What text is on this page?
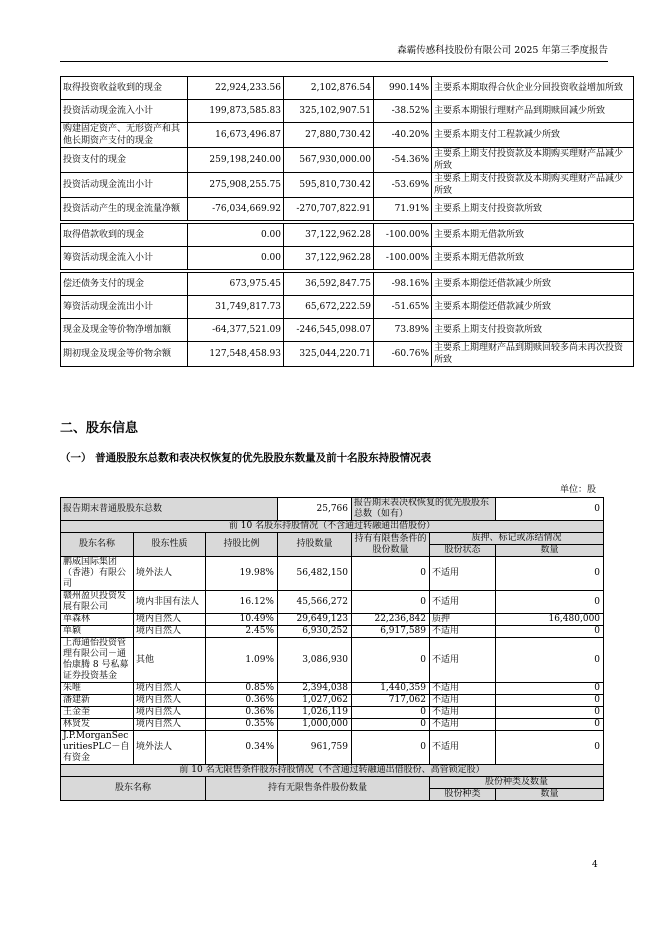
森霸传感科技股份有限公司 2025 年第三季度报告
取得投资收益收到的现金	22,924,233.56	2,102,876.54	990.14%	主要系本期取得合伙企业分回投资收益增加所致
投资活动现金流入小计	199,873,585.83	325,102,907.51	-38.52%	主要系本期银行理财产品到期赎回减少所致
购建固定资产、无形资产和其他长期资产支付的现金	16,673,496.87	27,880,730.42	-40.20%	主要系本期支付工程款减少所致
投资支付的现金	259,198,240.00	567,930,000.00	-54.36%	主要系上期支付投资款及本期购买理财产品减少所致
投资活动现金流出小计	275,908,255.75	595,810,730.42	-53.69%	主要系上期支付投资款及本期购买理财产品减少所致
投资活动产生的现金流量净额	-76,034,669.92	-270,707,822.91	71.91%	主要系上期支付投资款所致

取得借款收到的现金	0.00	37,122,962.28	-100.00%	主要系本期无借款所致
筹资活动现金流入小计	0.00	37,122,962.28	-100.00%	主要系本期无借款所致

偿还债务支付的现金	673,975.45	36,592,847.75	-98.16%	主要系本期偿还借款减少所致
筹资活动现金流出小计	31,749,817.73	65,672,222.59	-51.65%	主要系本期偿还借款减少所致
现金及现金等价物净增加额	-64,377,521.09	-246,545,098.07	73.89%	主要系上期支付投资款所致
期初现金及现金等价物余额	127,548,458.93	325,044,220.71	-60.76%	主要系上期理财产品到期赎回较多尚未再次投资所致
二、股东信息
（一） 普通股股东总数和表决权恢复的优先股股东数量及前十名股东持股情况表
单位：股
报告期末普通股股东总数			25,766	报告期末表决权恢复的优先股股东总数（如有）		0
前 10 名股东持股情况（不含通过转融通出借股份）						
股东名称	股东性质	持股比例	持股数量	持有有限售条件的股份数量	质押、标记或冻结情况	
					股份状态	数量
鹏威国际集团（香港）有限公司	境外法人	19.98%	56,482,150	0	不适用	0
赣州盈贝投资发展有限公司	境内非国有法人	16.12%	45,566,272	0	不适用	0
单森林	境内自然人	10.49%	29,649,123	22,236,842	质押	16,480,000
单颖	境内自然人	2.45%	6,930,252	6,917,589	不适用	0
上海通怡投资管理有限公司－通怡康腾 8 号私募证券投资基金	其他	1.09%	3,086,930	0	不适用	0
朱唯	境内自然人	0.85%	2,394,038	1,440,359	不适用	0
潘建新	境内自然人	0.36%	1,027,062	717,062	不适用	0
王金奎	境内自然人	0.36%	1,026,119	0	不适用	0
林贤发	境内自然人	0.35%	1,000,000	0	不适用	0
J.P.MorganSecuritiesPLC－自有资金	境外法人	0.34%	961,759	0	不适用	0
前 10 名无限售条件股东持股情况（不含通过转融通出借股份、高管锁定股）						
股东名称		持有无限售条件股份数量			股份种类及数量	
					股份种类	数量
4
